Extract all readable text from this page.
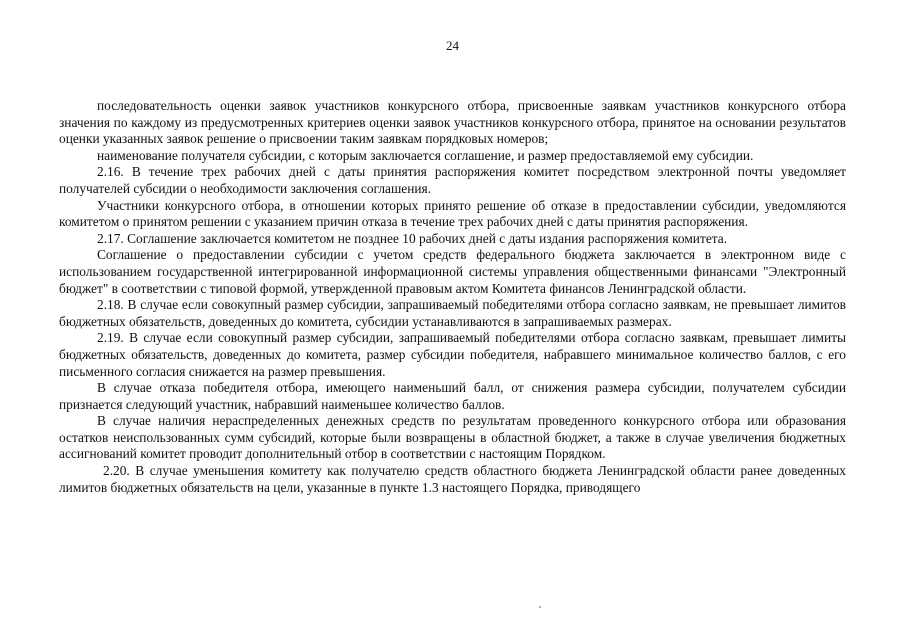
24

последовательность оценки заявок участников конкурсного отбора, присвоенные заявкам участников конкурсного отбора значения по каждому из предусмотренных критериев оценки заявок участников конкурсного отбора, принятое на основании результатов оценки указанных заявок решение о присвоении таким заявкам порядковых номеров;

наименование получателя субсидии, с которым заключается соглашение, и размер предоставляемой ему субсидии.

2.16. В течение трех рабочих дней с даты принятия распоряжения комитет посредством электронной почты уведомляет получателей субсидии о необходимости заключения соглашения.

Участники конкурсного отбора, в отношении которых принято решение об отказе в предоставлении субсидии, уведомляются комитетом о принятом решении с указанием причин отказа в течение трех рабочих дней с даты принятия распоряжения.

2.17. Соглашение заключается комитетом не позднее 10 рабочих дней с даты издания распоряжения комитета.

Соглашение о предоставлении субсидии с учетом средств федерального бюджета заключается в электронном виде с использованием государственной интегрированной информационной системы управления общественными финансами "Электронный бюджет" в соответствии с типовой формой, утвержденной правовым актом Комитета финансов Ленинградской области.

2.18. В случае если совокупный размер субсидии, запрашиваемый победителями отбора согласно заявкам, не превышает лимитов бюджетных обязательств, доведенных до комитета, субсидии устанавливаются в запрашиваемых размерах.

2.19. В случае если совокупный размер субсидии, запрашиваемый победителями отбора согласно заявкам, превышает лимиты бюджетных обязательств, доведенных до комитета, размер субсидии победителя, набравшего минимальное количество баллов, с его письменного согласия снижается на размер превышения.

В случае отказа победителя отбора, имеющего наименьший балл, от снижения размера субсидии, получателем субсидии признается следующий участник, набравший наименьшее количество баллов.

В случае наличия нераспределенных денежных средств по результатам проведенного конкурсного отбора или образования остатков неиспользованных сумм субсидий, которые были возвращены в областной бюджет, а также в случае увеличения бюджетных ассигнований комитет проводит дополнительный отбор в соответствии с настоящим Порядком.

2.20. В случае уменьшения комитету как получателю средств областного бюджета Ленинградской области ранее доведенных лимитов бюджетных обязательств на цели, указанные в пункте 1.3 настоящего Порядка, приводящего
